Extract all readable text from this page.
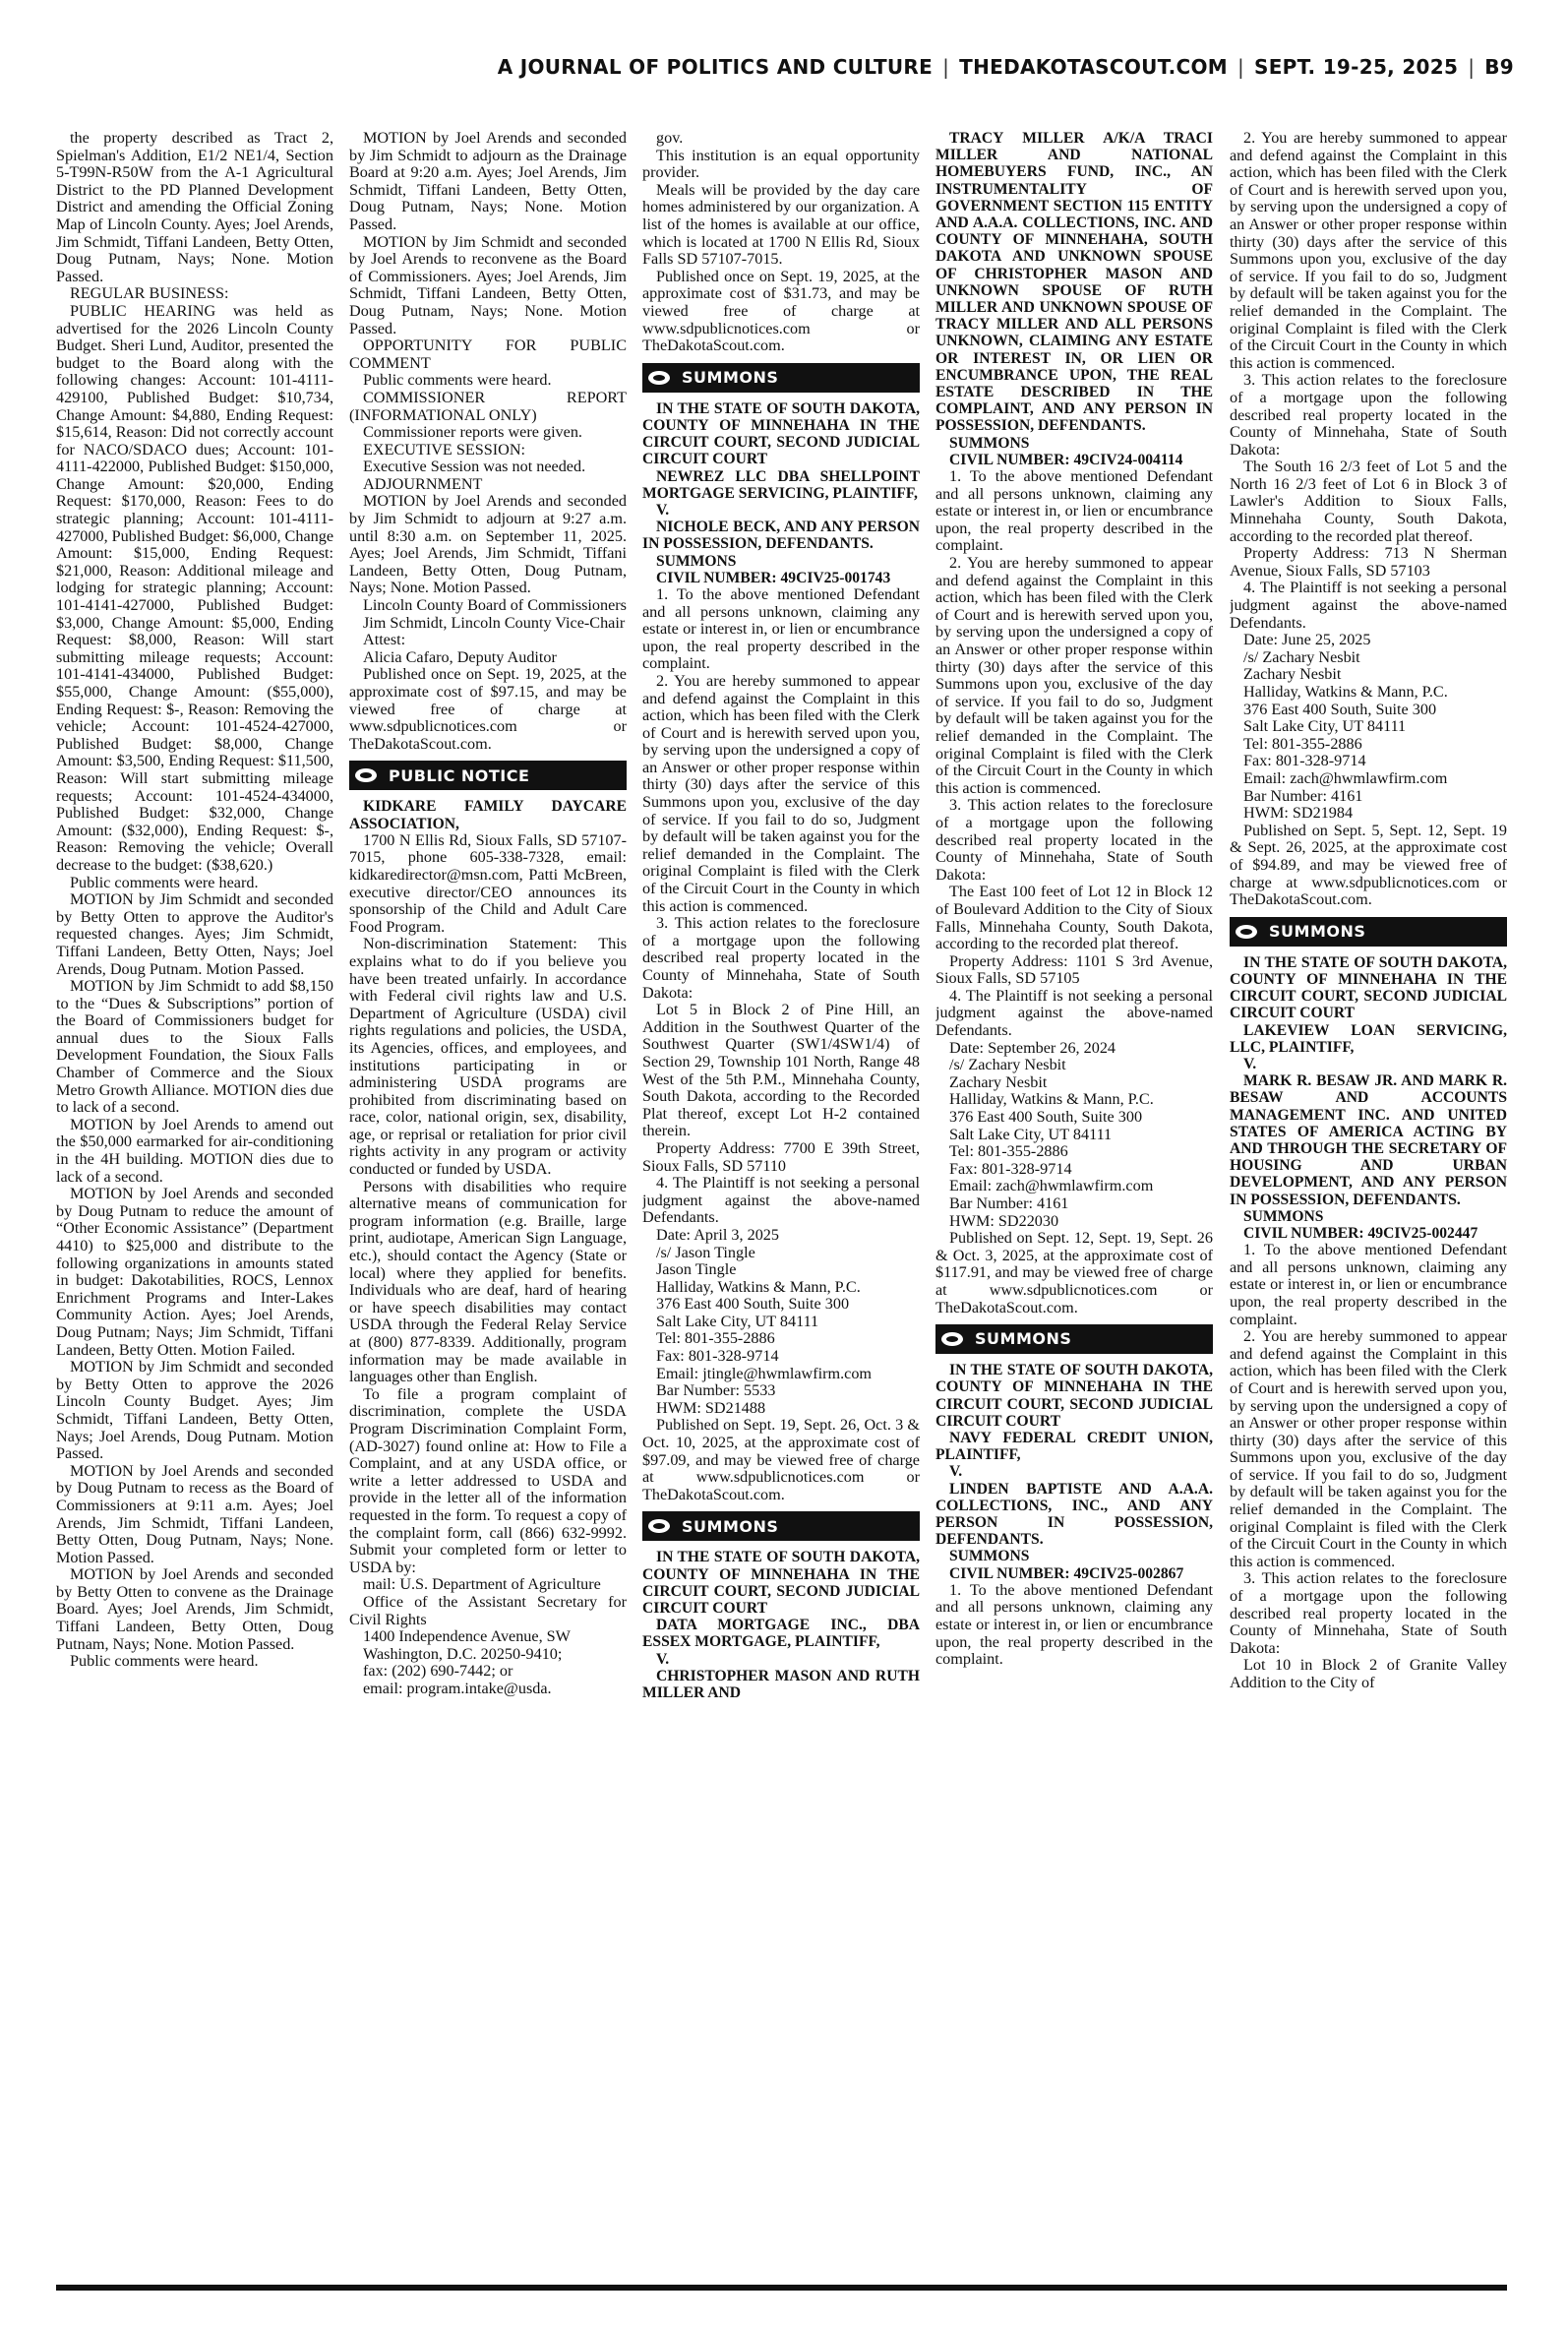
A JOURNAL OF POLITICS AND CULTURE | THEDAKOTASCOUT.COM | SEPT. 19-25, 2025 | B9

the property described as Tract 2, Spielman's Addition, E1/2 NE1/4, Section 5-T99N-R50W from the A-1 Agricultural District to the PD Planned Development District and amending the Official Zoning Map of Lincoln County. Ayes; Joel Arends, Jim Schmidt, Tiffani Landeen, Betty Otten, Doug Putnam, Nays; None. Motion Passed.

REGULAR BUSINESS:

PUBLIC HEARING was held as advertised for the 2026 Lincoln County Budget. Sheri Lund, Auditor, presented the budget to the Board along with the following changes: Account: 101-4111-429100, Published Budget: $10,734, Change Amount: $4,880, Ending Request: $15,614, Reason: Did not correctly account for NACO/SDACO dues; Account: 101-4111-422000, Published Budget: $150,000, Change Amount: $20,000, Ending Request: $170,000, Reason: Fees to do strategic planning; Account: 101-4111-427000, Published Budget: $6,000, Change Amount: $15,000, Ending Request: $21,000, Reason: Additional mileage and lodging for strategic planning; Account: 101-4141-427000, Published Budget: $3,000, Change Amount: $5,000, Ending Request: $8,000, Reason: Will start submitting mileage requests; Account: 101-4141-434000, Published Budget: $55,000, Change Amount: ($55,000), Ending Request: $-, Reason: Removing the vehicle; Account: 101-4524-427000, Published Budget: $8,000, Change Amount: $3,500, Ending Request: $11,500, Reason: Will start submitting mileage requests; Account: 101-4524-434000, Published Budget: $32,000, Change Amount: ($32,000), Ending Request: $-, Reason: Removing the vehicle; Overall decrease to the budget: ($38,620.)

Public comments were heard.

MOTION by Jim Schmidt and seconded by Betty Otten to approve the Auditor's requested changes. Ayes; Jim Schmidt, Tiffani Landeen, Betty Otten, Nays; Joel Arends, Doug Putnam. Motion Passed.

MOTION by Jim Schmidt to add $8,150 to the “Dues & Subscriptions” portion of the Board of Commissioners budget for annual dues to the Sioux Falls Development Foundation, the Sioux Falls Chamber of Commerce and the Sioux Metro Growth Alliance. MOTION dies due to lack of a second.

MOTION by Joel Arends to amend out the $50,000 earmarked for air-conditioning in the 4H building. MOTION dies due to lack of a second.

MOTION by Joel Arends and seconded by Doug Putnam to reduce the amount of “Other Economic Assistance” (Department 4410) to $25,000 and distribute to the following organizations in amounts stated in budget: Dakotabilities, ROCS, Lennox Enrichment Programs and Inter-Lakes Community Action. Ayes; Joel Arends, Doug Putnam; Nays; Jim Schmidt, Tiffani Landeen, Betty Otten. Motion Failed.

MOTION by Jim Schmidt and seconded by Betty Otten to approve the 2026 Lincoln County Budget. Ayes; Jim Schmidt, Tiffani Landeen, Betty Otten, Nays; Joel Arends, Doug Putnam. Motion Passed.

MOTION by Joel Arends and seconded by Doug Putnam to recess as the Board of Commissioners at 9:11 a.m. Ayes; Joel Arends, Jim Schmidt, Tiffani Landeen, Betty Otten, Doug Putnam, Nays; None. Motion Passed.

MOTION by Joel Arends and seconded by Betty Otten to convene as the Drainage Board. Ayes; Joel Arends, Jim Schmidt, Tiffani Landeen, Betty Otten, Doug Putnam, Nays; None. Motion Passed.

Public comments were heard.

MOTION by Joel Arends and seconded by Jim Schmidt to adjourn as the Drainage Board at 9:20 a.m. Ayes; Joel Arends, Jim Schmidt, Tiffani Landeen, Betty Otten, Doug Putnam, Nays; None. Motion Passed.

MOTION by Jim Schmidt and seconded by Joel Arends to reconvene as the Board of Commissioners. Ayes; Joel Arends, Jim Schmidt, Tiffani Landeen, Betty Otten, Doug Putnam, Nays; None. Motion Passed.

OPPORTUNITY FOR PUBLIC COMMENT

Public comments were heard.

COMMISSIONER REPORT (INFORMATIONAL ONLY)

Commissioner reports were given.

EXECUTIVE SESSION:

Executive Session was not needed.

ADJOURNMENT

MOTION by Joel Arends and seconded by Jim Schmidt to adjourn at 9:27 a.m. until 8:30 a.m. on September 11, 2025. Ayes; Joel Arends, Jim Schmidt, Tiffani Landeen, Betty Otten, Doug Putnam, Nays; None. Motion Passed.

Lincoln County Board of Commissioners

Jim Schmidt, Lincoln County Vice-Chair

Attest:

Alicia Cafaro, Deputy Auditor

Published once on Sept. 19, 2025, at the approximate cost of $97.15, and may be viewed free of charge at www.sdpublicnotices.com or TheDakotaScout.com.

PUBLIC NOTICE

KIDKARE FAMILY DAYCARE ASSOCIATION,

1700 N Ellis Rd, Sioux Falls, SD 57107-7015, phone 605-338-7328, email: kidkaredirector@msn.com, Patti McBreen, executive director/CEO announces its sponsorship of the Child and Adult Care Food Program.

Non-discrimination Statement: This explains what to do if you believe you have been treated unfairly. In accordance with Federal civil rights law and U.S. Department of Agriculture (USDA) civil rights regulations and policies, the USDA, its Agencies, offices, and employees, and institutions participating in or administering USDA programs are prohibited from discriminating based on race, color, national origin, sex, disability, age, or reprisal or retaliation for prior civil rights activity in any program or activity conducted or funded by USDA.

Persons with disabilities who require alternative means of communication for program information (e.g. Braille, large print, audiotape, American Sign Language, etc.), should contact the Agency (State or local) where they applied for benefits. Individuals who are deaf, hard of hearing or have speech disabilities may contact USDA through the Federal Relay Service at (800) 877-8339. Additionally, program information may be made available in languages other than English.

To file a program complaint of discrimination, complete the USDA Program Discrimination Complaint Form, (AD-3027) found online at: How to File a Complaint, and at any USDA office, or write a letter addressed to USDA and provide in the letter all of the information requested in the form. To request a copy of the complaint form, call (866) 632-9992. Submit your completed form or letter to USDA by:

mail: U.S. Department of Agriculture

Office of the Assistant Secretary for Civil Rights

1400 Independence Avenue, SW

Washington, D.C. 20250-9410;

fax: (202) 690-7442; or

email: program.intake@usda.

gov.

This institution is an equal opportunity provider.

Meals will be provided by the day care homes administered by our organization. A list of the homes is available at our office, which is located at 1700 N Ellis Rd, Sioux Falls SD 57107-7015.

Published once on Sept. 19, 2025, at the approximate cost of $31.73, and may be viewed free of charge at www.sdpublicnotices.com or TheDakotaScout.com.

SUMMONS

IN THE STATE OF SOUTH DAKOTA, COUNTY OF MINNEHAHA IN THE CIRCUIT COURT, SECOND JUDICIAL CIRCUIT COURT

NEWREZ LLC DBA SHELLPOINT MORTGAGE SERVICING, PLAINTIFF,

V.

NICHOLE BECK, AND ANY PERSON IN POSSESSION, DEFENDANTS.

SUMMONS

CIVIL NUMBER: 49CIV25-001743

1. To the above mentioned Defendant and all persons unknown, claiming any estate or interest in, or lien or encumbrance upon, the real property described in the complaint.

2. You are hereby summoned to appear and defend against the Complaint in this action, which has been filed with the Clerk of Court and is herewith served upon you, by serving upon the undersigned a copy of an Answer or other proper response within thirty (30) days after the service of this Summons upon you, exclusive of the day of service. If you fail to do so, Judgment by default will be taken against you for the relief demanded in the Complaint. The original Complaint is filed with the Clerk of the Circuit Court in the County in which this action is commenced.

3. This action relates to the foreclosure of a mortgage upon the following described real property located in the County of Minnehaha, State of South Dakota:

Lot 5 in Block 2 of Pine Hill, an Addition in the Southwest Quarter of the Southwest Quarter (SW1/4SW1/4) of Section 29, Township 101 North, Range 48 West of the 5th P.M., Minnehaha County, South Dakota, according to the Recorded Plat thereof, except Lot H-2 contained therein.

Property Address: 7700 E 39th Street, Sioux Falls, SD 57110

4. The Plaintiff is not seeking a personal judgment against the above-named Defendants.

Date: April 3, 2025

/s/ Jason Tingle

Jason Tingle

Halliday, Watkins & Mann, P.C.

376 East 400 South, Suite 300

Salt Lake City, UT 84111

Tel: 801-355-2886

Fax: 801-328-9714

Email: jtingle@hwmlawfirm.com

Bar Number: 5533

HWM: SD21488

Published on Sept. 19, Sept. 26, Oct. 3 & Oct. 10, 2025, at the approximate cost of $97.09, and may be viewed free of charge at www.sdpublicnotices.com or TheDakotaScout.com.

SUMMONS

IN THE STATE OF SOUTH DAKOTA, COUNTY OF MINNEHAHA IN THE CIRCUIT COURT, SECOND JUDICIAL CIRCUIT COURT

DATA MORTGAGE INC., DBA ESSEX MORTGAGE, PLAINTIFF,

V.

CHRISTOPHER MASON AND RUTH MILLER AND

TRACY MILLER A/K/A TRACI MILLER AND NATIONAL HOMEBUYERS FUND, INC., AN INSTRUMENTALITY OF GOVERNMENT SECTION 115 ENTITY AND A.A.A. COLLECTIONS, INC. AND COUNTY OF MINNEHAHA, SOUTH DAKOTA AND UNKNOWN SPOUSE OF CHRISTOPHER MASON AND UNKNOWN SPOUSE OF RUTH MILLER AND UNKNOWN SPOUSE OF TRACY MILLER AND ALL PERSONS UNKNOWN, CLAIMING ANY ESTATE OR INTEREST IN, OR LIEN OR ENCUMBRANCE UPON, THE REAL ESTATE DESCRIBED IN THE COMPLAINT, AND ANY PERSON IN POSSESSION, DEFENDANTS.

SUMMONS

CIVIL NUMBER: 49CIV24-004114

1. To the above mentioned Defendant and all persons unknown, claiming any estate or interest in, or lien or encumbrance upon, the real property described in the complaint.

2. You are hereby summoned to appear and defend against the Complaint in this action, which has been filed with the Clerk of Court and is herewith served upon you, by serving upon the undersigned a copy of an Answer or other proper response within thirty (30) days after the service of this Summons upon you, exclusive of the day of service. If you fail to do so, Judgment by default will be taken against you for the relief demanded in the Complaint. The original Complaint is filed with the Clerk of the Circuit Court in the County in which this action is commenced.

3. This action relates to the foreclosure of a mortgage upon the following described real property located in the County of Minnehaha, State of South Dakota:

The East 100 feet of Lot 12 in Block 12 of Boulevard Addition to the City of Sioux Falls, Minnehaha County, South Dakota, according to the recorded plat thereof.

Property Address: 1101 S 3rd Avenue, Sioux Falls, SD 57105

4. The Plaintiff is not seeking a personal judgment against the above-named Defendants.

Date: September 26, 2024

/s/ Zachary Nesbit

Zachary Nesbit

Halliday, Watkins & Mann, P.C.

376 East 400 South, Suite 300

Salt Lake City, UT 84111

Tel: 801-355-2886

Fax: 801-328-9714

Email: zach@hwmlawfirm.com

Bar Number: 4161

HWM: SD22030

Published on Sept. 12, Sept. 19, Sept. 26 & Oct. 3, 2025, at the approximate cost of $117.91, and may be viewed free of charge at www.sdpublicnotices.com or TheDakotaScout.com.

SUMMONS

IN THE STATE OF SOUTH DAKOTA, COUNTY OF MINNEHAHA IN THE CIRCUIT COURT, SECOND JUDICIAL CIRCUIT COURT

NAVY FEDERAL CREDIT UNION, PLAINTIFF,

V.

LINDEN BAPTISTE AND A.A.A. COLLECTIONS, INC., AND ANY PERSON IN POSSESSION, DEFENDANTS.

SUMMONS

CIVIL NUMBER: 49CIV25-002867

1. To the above mentioned Defendant and all persons unknown, claiming any estate or interest in, or lien or encumbrance upon, the real property described in the complaint.

2. You are hereby summoned to appear and defend against the Complaint in this action, which has been filed with the Clerk of Court and is herewith served upon you, by serving upon the undersigned a copy of an Answer or other proper response within thirty (30) days after the service of this Summons upon you, exclusive of the day of service. If you fail to do so, Judgment by default will be taken against you for the relief demanded in the Complaint. The original Complaint is filed with the Clerk of the Circuit Court in the County in which this action is commenced.

3. This action relates to the foreclosure of a mortgage upon the following described real property located in the County of Minnehaha, State of South Dakota:

The South 16 2/3 feet of Lot 5 and the North 16 2/3 feet of Lot 6 in Block 3 of Lawler's Addition to Sioux Falls, Minnehaha County, South Dakota, according to the recorded plat thereof.

Property Address: 713 N Sherman Avenue, Sioux Falls, SD 57103

4. The Plaintiff is not seeking a personal judgment against the above-named Defendants.

Date: June 25, 2025

/s/ Zachary Nesbit

Zachary Nesbit

Halliday, Watkins & Mann, P.C.

376 East 400 South, Suite 300

Salt Lake City, UT 84111

Tel: 801-355-2886

Fax: 801-328-9714

Email: zach@hwmlawfirm.com

Bar Number: 4161

HWM: SD21984

Published on Sept. 5, Sept. 12, Sept. 19 & Sept. 26, 2025, at the approximate cost of $94.89, and may be viewed free of charge at www.sdpublicnotices.com or TheDakotaScout.com.

SUMMONS

IN THE STATE OF SOUTH DAKOTA, COUNTY OF MINNEHAHA IN THE CIRCUIT COURT, SECOND JUDICIAL CIRCUIT COURT

LAKEVIEW LOAN SERVICING, LLC, PLAINTIFF,

V.

MARK R. BESAW JR. AND MARK R. BESAW AND ACCOUNTS MANAGEMENT INC. AND UNITED STATES OF AMERICA ACTING BY AND THROUGH THE SECRETARY OF HOUSING AND URBAN DEVELOPMENT, AND ANY PERSON IN POSSESSION, DEFENDANTS.

SUMMONS

CIVIL NUMBER: 49CIV25-002447

1. To the above mentioned Defendant and all persons unknown, claiming any estate or interest in, or lien or encumbrance upon, the real property described in the complaint.

2. You are hereby summoned to appear and defend against the Complaint in this action, which has been filed with the Clerk of Court and is herewith served upon you, by serving upon the undersigned a copy of an Answer or other proper response within thirty (30) days after the service of this Summons upon you, exclusive of the day of service. If you fail to do so, Judgment by default will be taken against you for the relief demanded in the Complaint. The original Complaint is filed with the Clerk of the Circuit Court in the County in which this action is commenced.

3. This action relates to the foreclosure of a mortgage upon the following described real property located in the County of Minnehaha, State of South Dakota:

Lot 10 in Block 2 of Granite Valley Addition to the City of
